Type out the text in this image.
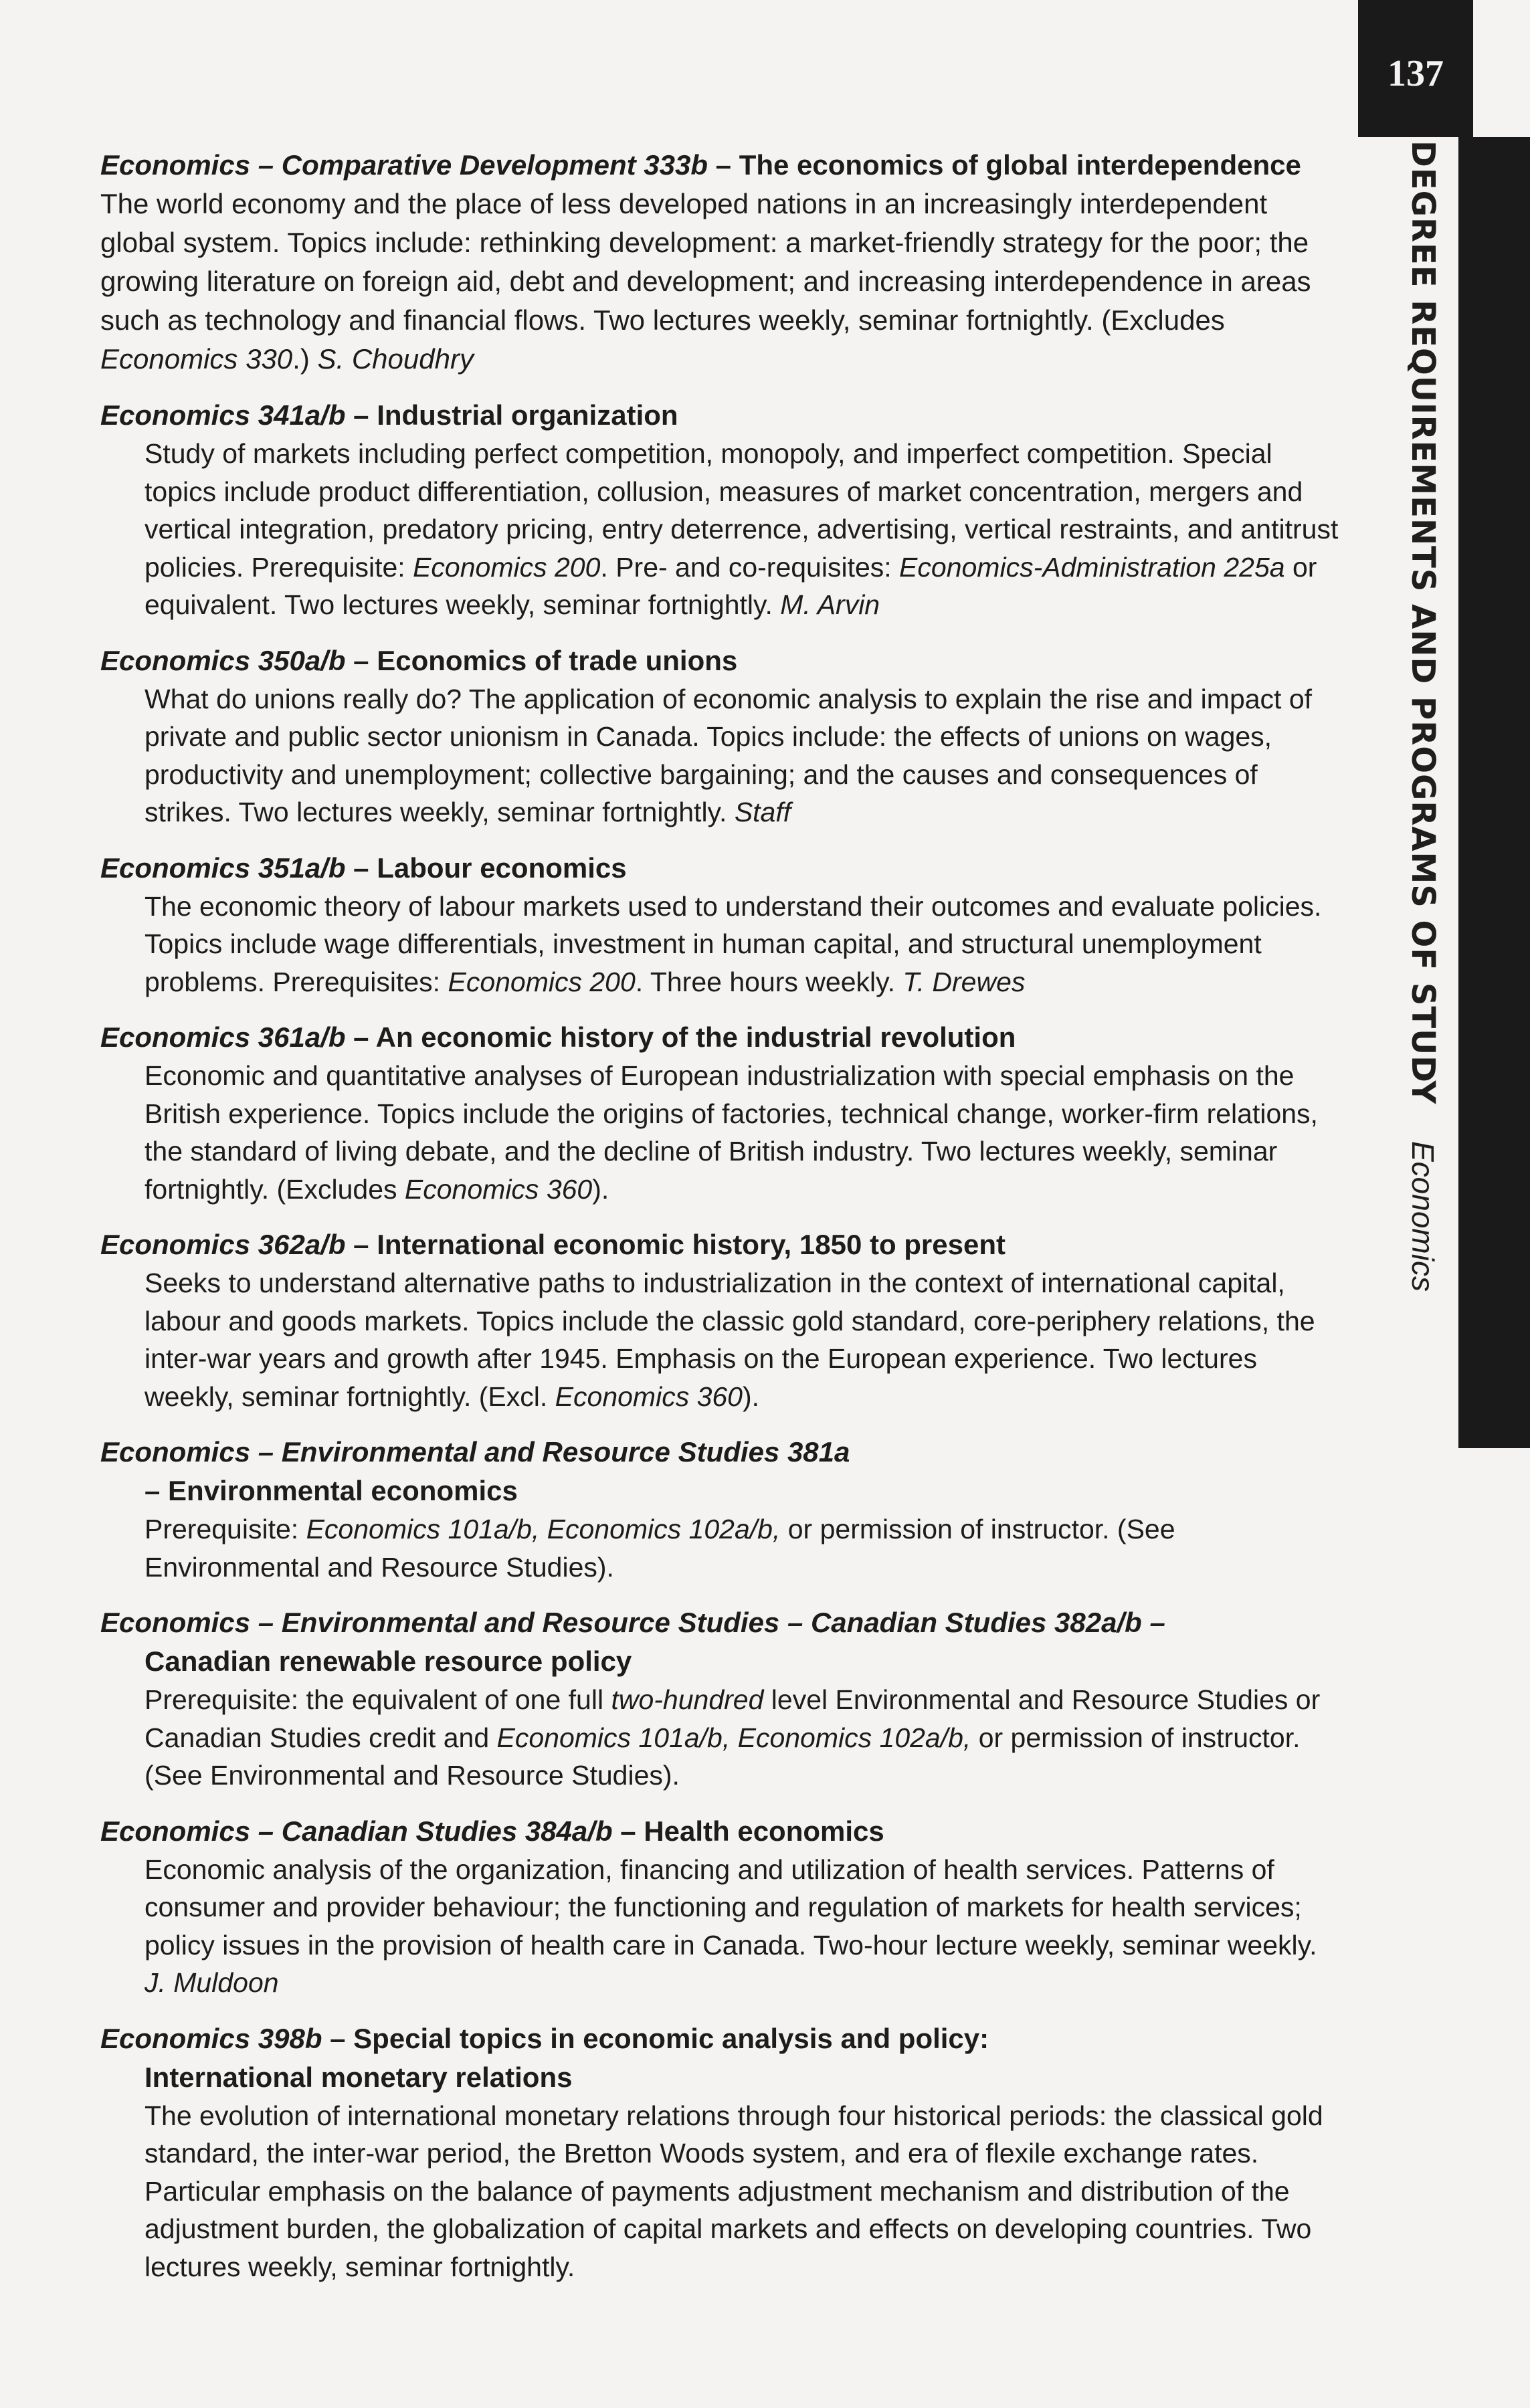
137
DEGREE REQUIREMENTS AND PROGRAMS OF STUDY
Economics

Economics – Comparative Development 333b – The economics of global interdependence The world economy and the place of less developed nations in an increasingly interdependent global system. Topics include: rethinking development: a market-friendly strategy for the poor; the growing literature on foreign aid, debt and development; and increasing interdependence in areas such as technology and financial flows. Two lectures weekly, seminar fortnightly. (Excludes Economics 330.) S. Choudhry

Economics 341a/b – Industrial organization

Study of markets including perfect competition, monopoly, and imperfect competition. Special topics include product differentiation, collusion, measures of market concentration, mergers and vertical integration, predatory pricing, entry deterrence, advertising, vertical restraints, and antitrust policies. Prerequisite: Economics 200. Pre- and co-requisites: Economics-Administration 225a or equivalent. Two lectures weekly, seminar fortnightly. M. Arvin

Economics 350a/b – Economics of trade unions

What do unions really do? The application of economic analysis to explain the rise and impact of private and public sector unionism in Canada. Topics include: the effects of unions on wages, productivity and unemployment; collective bargaining; and the causes and consequences of strikes. Two lectures weekly, seminar fortnightly. Staff

Economics 351a/b – Labour economics

The economic theory of labour markets used to understand their outcomes and evaluate policies. Topics include wage differentials, investment in human capital, and structural unemployment problems. Prerequisites: Economics 200. Three hours weekly. T. Drewes

Economics 361a/b – An economic history of the industrial revolution

Economic and quantitative analyses of European industrialization with special emphasis on the British experience. Topics include the origins of factories, technical change, worker-firm relations, the standard of living debate, and the decline of British industry. Two lectures weekly, seminar fortnightly. (Excludes Economics 360).

Economics 362a/b – International economic history, 1850 to present

Seeks to understand alternative paths to industrialization in the context of international capital, labour and goods markets. Topics include the classic gold standard, core-periphery relations, the inter-war years and growth after 1945. Emphasis on the European experience. Two lectures weekly, seminar fortnightly. (Excl. Economics 360).

Economics – Environmental and Resource Studies 381a

– Environmental economics

Prerequisite: Economics 101a/b, Economics 102a/b, or permission of instructor. (See Environmental and Resource Studies).

Economics – Environmental and Resource Studies – Canadian Studies 382a/b –

Canadian renewable resource policy

Prerequisite: the equivalent of one full two-hundred level Environmental and Resource Studies or Canadian Studies credit and Economics 101a/b, Economics 102a/b, or permission of instructor. (See Environmental and Resource Studies).

Economics – Canadian Studies 384a/b – Health economics

Economic analysis of the organization, financing and utilization of health services. Patterns of consumer and provider behaviour; the functioning and regulation of markets for health services; policy issues in the provision of health care in Canada. Two-hour lecture weekly, seminar weekly. J. Muldoon

Economics 398b – Special topics in economic analysis and policy:

International monetary relations

The evolution of international monetary relations through four historical periods: the classical gold standard, the inter-war period, the Bretton Woods system, and era of flexile exchange rates. Particular emphasis on the balance of payments adjustment mechanism and distribution of the adjustment burden, the globalization of capital markets and effects on developing countries. Two lectures weekly, seminar fortnightly.
